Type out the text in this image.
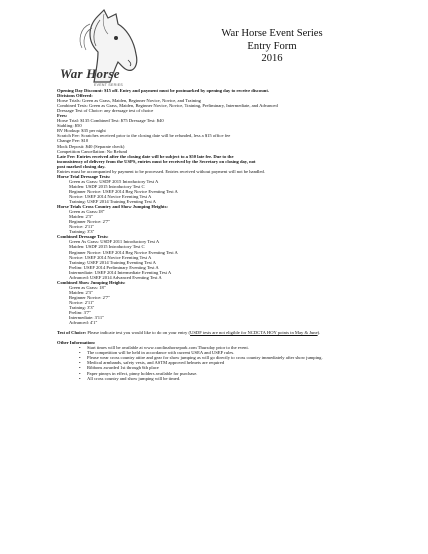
War Horse
EVENT SERIES
War Horse Event Series
Entry Form
2016
Opening Day Discount: $15 off. Entry and payment must be postmarked by opening day to receive discount.
Divisions Offered:
Horse Trials: Green as Grass, Maiden, Beginner Novice, Novice, and Training
Combined Tests: Green as Grass, Maiden, Beginner Novice, Novice, Training, Preliminary, Intermediate, and Advanced
Dressage Test of Choice: any dressage test of choice
Fees:
Horse Trial: $135 Combined Test: $75 Dressage Test: $40
Stabling: $50
RV Hookup: $35 per night
Scratch Fee: Scratches received prior to the closing date will be refunded, less a $15 office fee
Change Fee: $10
Mock Deposit: $40 (Separate check)
Competition Cancellation: No Refund
Late Fee: Entries received after the closing date will be subject to a $50 late fee. Due to the
inconsistency of delivery from the USPS, entries must be received by the Secretary on closing day, not
post marked closing day.
Entries must be accompanied by payment to be processed. Entries received without payment will not be handled.
Horse Trial Dressage Tests:
Green as Grass: USDF 2015 Introductory Test A
Maiden: USDF 2015 Introductory Test C
Beginner Novice: USEF 2014 Beg Novice Eventing Test A
Novice: USEF 2014 Novice Eventing Test A
Training: USEF 2014 Training Eventing Test A
Horse Trials Cross Country and Show Jumping Heights:
Green as Grass:18"
Maiden: 2'3"
Beginner Novice: 2'7"
Novice: 2'11"
Training: 3'3"
Combined Dressage Tests:
Green As Grass: USDF 2011 Introductory Test A
Maiden: USDF 2015 Introductory Test C
Beginner Novice: USEF 2014 Beg Novice Eventing Test A
Novice: USEF 2014 Novice Eventing Test A
Training: USEF 2014 Training Eventing Test A
Prelim: USEF 2014 Preliminary Eventing Test A
Intermediate: USEF 2014 Intermediate Eventing Test A
Advanced: USEF 2014 Advanced Eventing Test A
Combined Show Jumping Heights:
Green as Grass: 18"
Maiden: 2'3"
Beginner Novice: 2'7"
Novice: 2'11"
Training: 3'3"
Prelim: 3'7"
Intermediate: 3'11"
Advanced: 4'1"
Test of Choice: Please indicate test you would like to do on your entry (USDF tests are not eligible for NCDCTA HOY points in May & June).
Other Information:
• Start times will be available at www.carolinahorsepark.com Thursday prior to the event.
• The competition will be held in accordance with current USEA and USEF rules.
• Please wear cross country attire and gear for show jumping as will go directly to cross country immediately after show jumping.
• Medical armbands, safety vests, and ASTM approved helmets are required
• Ribbons awarded 1st through 6th place
• Paper pinnys in effect, pinny holders available for purchase.
• All cross country and show jumping will be timed.
